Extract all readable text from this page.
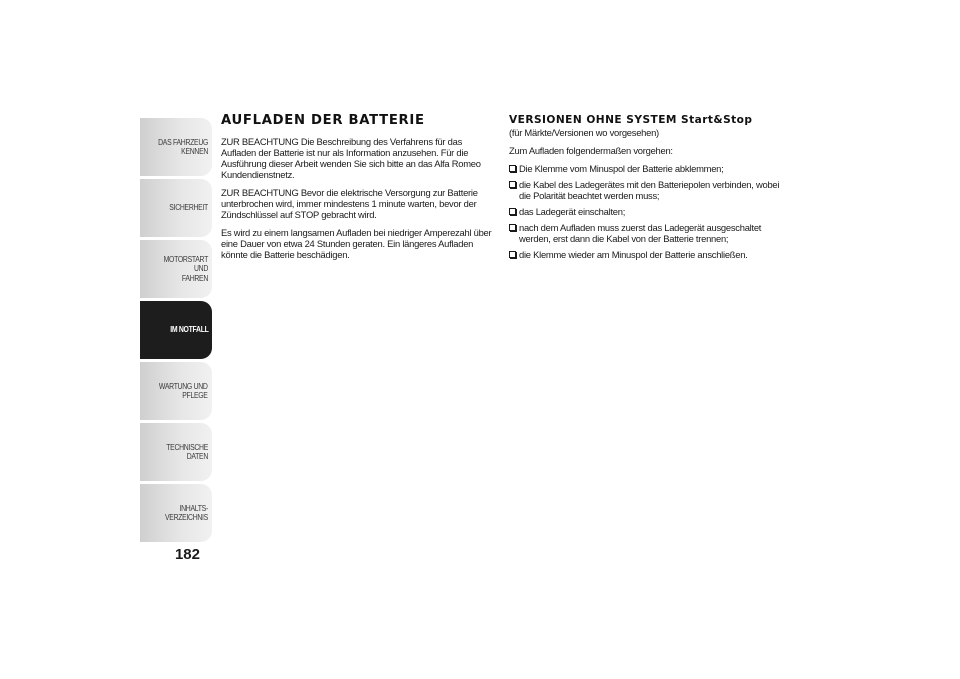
DAS FAHRZEUG
KENNEN
SICHERHEIT
MOTORSTART UND
FAHREN
IM NOTFALL
WARTUNG UND
PFLEGE
TECHNISCHE DATEN
INHALTS-
VERZEICHNIS
182
AUFLADEN DER BATTERIE

ZUR BEACHTUNG Die Beschreibung des Verfahrens für das Aufladen der Batterie ist nur als Information anzusehen. Für die Ausführung dieser Arbeit wenden Sie sich bitte an das Alfa Romeo Kundendienstnetz.

ZUR BEACHTUNG Bevor die elektrische Versorgung zur Batterie unterbrochen wird, immer mindestens 1 minute warten, bevor der Zündschlüssel auf STOP gebracht wird.

Es wird zu einem langsamen Aufladen bei niedriger Amperezahl über eine Dauer von etwa 24 Stunden geraten. Ein längeres Aufladen könnte die Batterie beschädigen.

VERSIONEN OHNE SYSTEM Start&Stop

(für Märkte/Versionen wo vorgesehen)

Zum Aufladen folgendermaßen vorgehen:

Die Klemme vom Minuspol der Batterie abklemmen;
die Kabel des Ladegerätes mit den Batteriepolen verbinden, wobei die Polarität beachtet werden muss;
das Ladegerät einschalten;
nach dem Aufladen muss zuerst das Ladegerät ausgeschaltet werden, erst dann die Kabel von der Batterie trennen;
die Klemme wieder am Minuspol der Batterie anschließen.
